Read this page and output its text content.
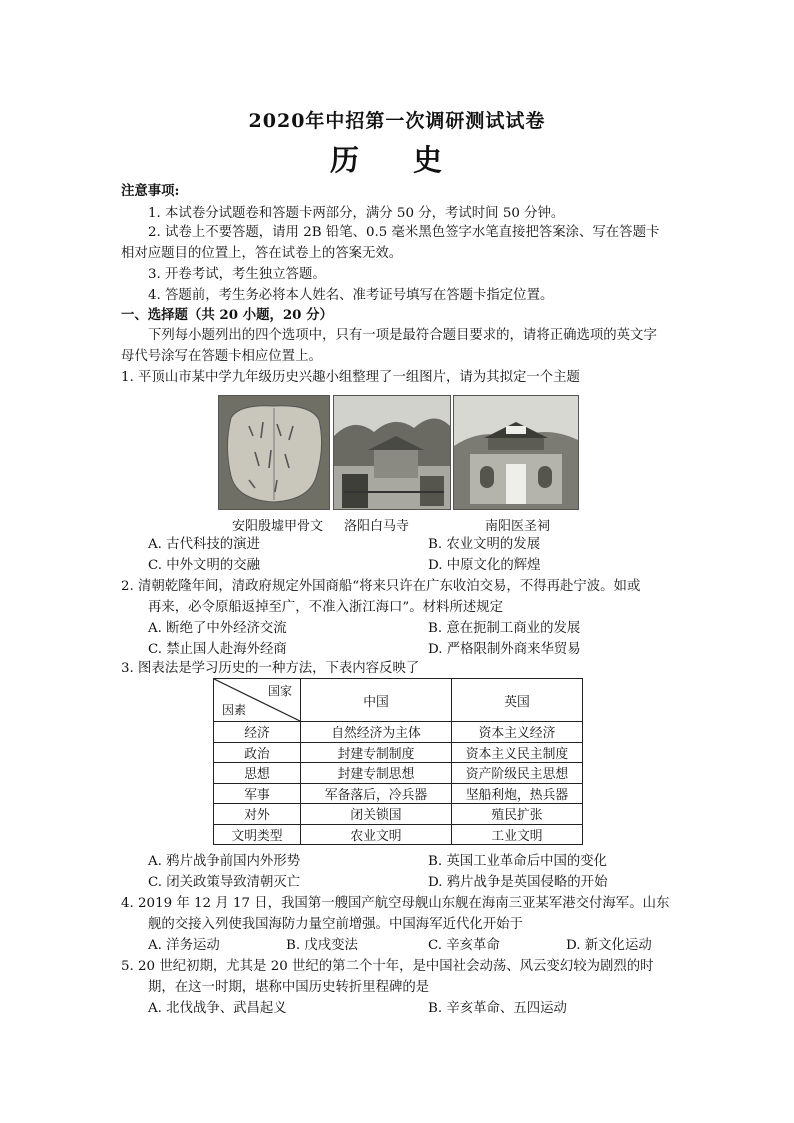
2020年中招第一次调研测试试卷
历 史
注意事项:
1. 本试卷分试题卷和答题卡两部分，满分 50 分，考试时间 50 分钟。
2. 试卷上不要答题，请用 2B 铅笔、0.5 毫米黑色签字水笔直接把答案涂、写在答题卡
相对应题目的位置上，答在试卷上的答案无效。
3. 开卷考试，考生独立答题。
4. 答题前，考生务必将本人姓名、准考证号填写在答题卡指定位置。
一、选择题（共 20 小题，20 分）
下列每小题列出的四个选项中，只有一项是最符合题目要求的，请将正确选项的英文字
母代号涂写在答题卡相应位置上。
1. 平顶山市某中学九年级历史兴趣小组整理了一组图片，请为其拟定一个主题
安阳殷墟甲骨文 洛阳白马寺	南阳医圣祠
A. 古代科技的演进	B. 农业文明的发展
C. 中外文明的交融	D. 中原文化的辉煌
2. 清朝乾隆年间，清政府规定外国商船“将来只许在广东收泊交易，不得再赴宁波。如或
再来，必令原船返掉至广，不准入浙江海口”。材料所述规定
A. 断绝了中外经济交流	B. 意在扼制工商业的发展
C. 禁止国人赴海外经商	D. 严格限制外商来华贸易
3. 图表法是学习历史的一种方法，下表内容反映了
国家
因素	中国	英国
经济	自然经济为主体	资本主义经济
政治	封建专制制度	资本主义民主制度
思想	封建专制思想	资产阶级民主思想
军事	军备落后，冷兵器	坚船利炮，热兵器
对外	闭关锁国	殖民扩张
文明类型	农业文明	工业文明
A. 鸦片战争前国内外形势	B. 英国工业革命后中国的变化
C. 闭关政策导致清朝灭亡	D. 鸦片战争是英国侵略的开始
4. 2019 年 12 月 17 日，我国第一艘国产航空母舰山东舰在海南三亚某军港交付海军。山东
舰的交接入列使我国海防力量空前增强。中国海军近代化开始于
A. 洋务运动	B. 戊戌变法	C. 辛亥革命	D. 新文化运动
5. 20 世纪初期，尤其是 20 世纪的第二个十年，是中国社会动荡、风云变幻较为剧烈的时
期，在这一时期，堪称中国历史转折里程碑的是
A. 北伐战争、武昌起义	B. 辛亥革命、五四运动
